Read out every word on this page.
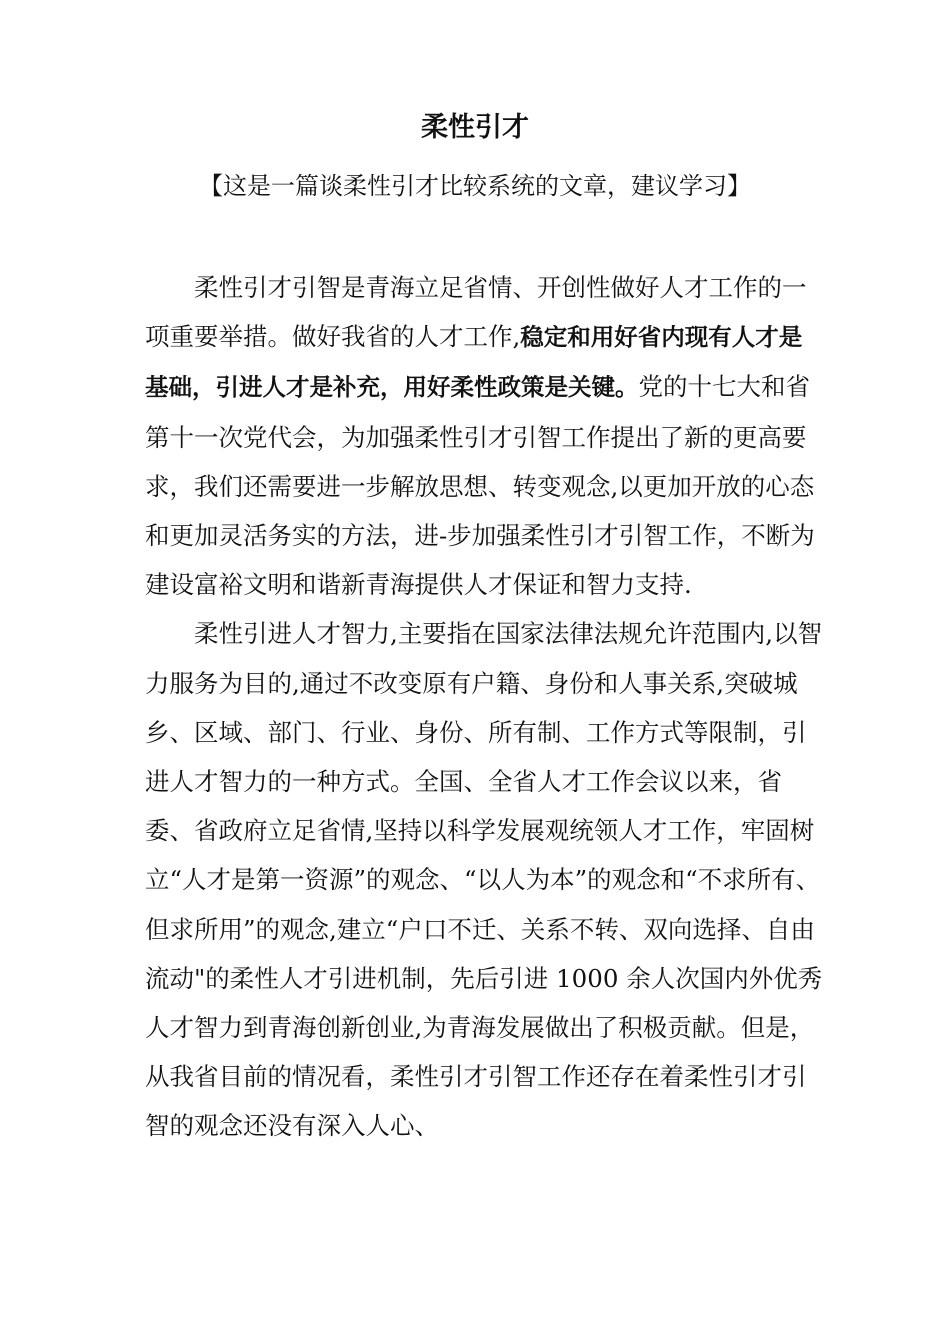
柔性引才
【这是一篇谈柔性引才比较系统的文章，建议学习】

柔性引才引智是青海立足省情、开创性做好人才工作的一项重要举措。做好我省的人才工作,稳定和用好省内现有人才是基础，引进人才是补充，用好柔性政策是关键。党的十七大和省第十一次党代会，为加强柔性引才引智工作提出了新的更高要求，我们还需要进一步解放思想、转变观念,以更加开放的心态和更加灵活务实的方法，进-步加强柔性引才引智工作，不断为建设富裕文明和谐新青海提供人才保证和智力支持.

柔性引进人才智力,主要指在国家法律法规允许范围内,以智力服务为目的,通过不改变原有户籍、身份和人事关系,突破城乡、区域、部门、行业、身份、所有制、工作方式等限制，引进人才智力的一种方式。全国、全省人才工作会议以来，省委、省政府立足省情,坚持以科学发展观统领人才工作，牢固树立“人才是第一资源”的观念、“以人为本”的观念和“不求所有、但求所用”的观念,建立“户口不迁、关系不转、双向选择、自由流动"的柔性人才引进机制，先后引进 1000 余人次国内外优秀人才智力到青海创新创业,为青海发展做出了积极贡献。但是，从我省目前的情况看，柔性引才引智工作还存在着柔性引才引智的观念还没有深入人心、
